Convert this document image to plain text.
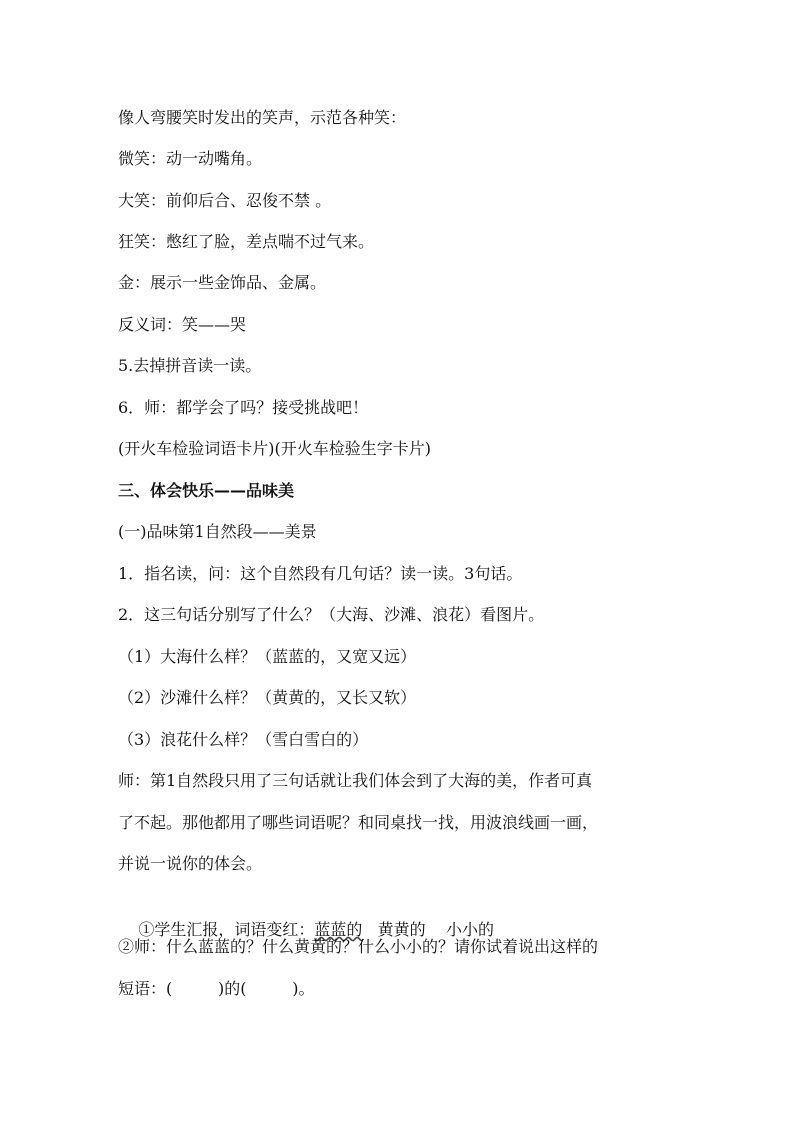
像人弯腰笑时发出的笑声，示范各种笑：
微笑：动一动嘴角。
大笑：前仰后合、忍俊不禁 。
狂笑：憋红了脸，差点喘不过气来。
金：展示一些金饰品、金属。
反义词：笑——哭
5.去掉拼音读一读。
6．师：都学会了吗？接受挑战吧！
(开火车检验词语卡片)(开火车检验生字卡片)
三、体会快乐——品味美
(一)品味第1自然段——美景
1．指名读，问：这个自然段有几句话？读一读。3句话。
2．这三句话分别写了什么？（大海、沙滩、浪花）看图片。
（1）大海什么样？（蓝蓝的，又宽又远）
（2）沙滩什么样？（黄黄的，又长又软）
（3）浪花什么样？（雪白雪白的）
师：第1自然段只用了三句话就让我们体会到了大海的美，作者可真
了不起。那他都用了哪些词语呢？和同桌找一找，用波浪线画一画，
并说一说你的体会。

①学生汇报，词语变红：蓝蓝的 黄黄的 小小的

②师：什么蓝蓝的？什么黄黄的？什么小小的？请你试着说出这样的
短语：(         )的(         )。
